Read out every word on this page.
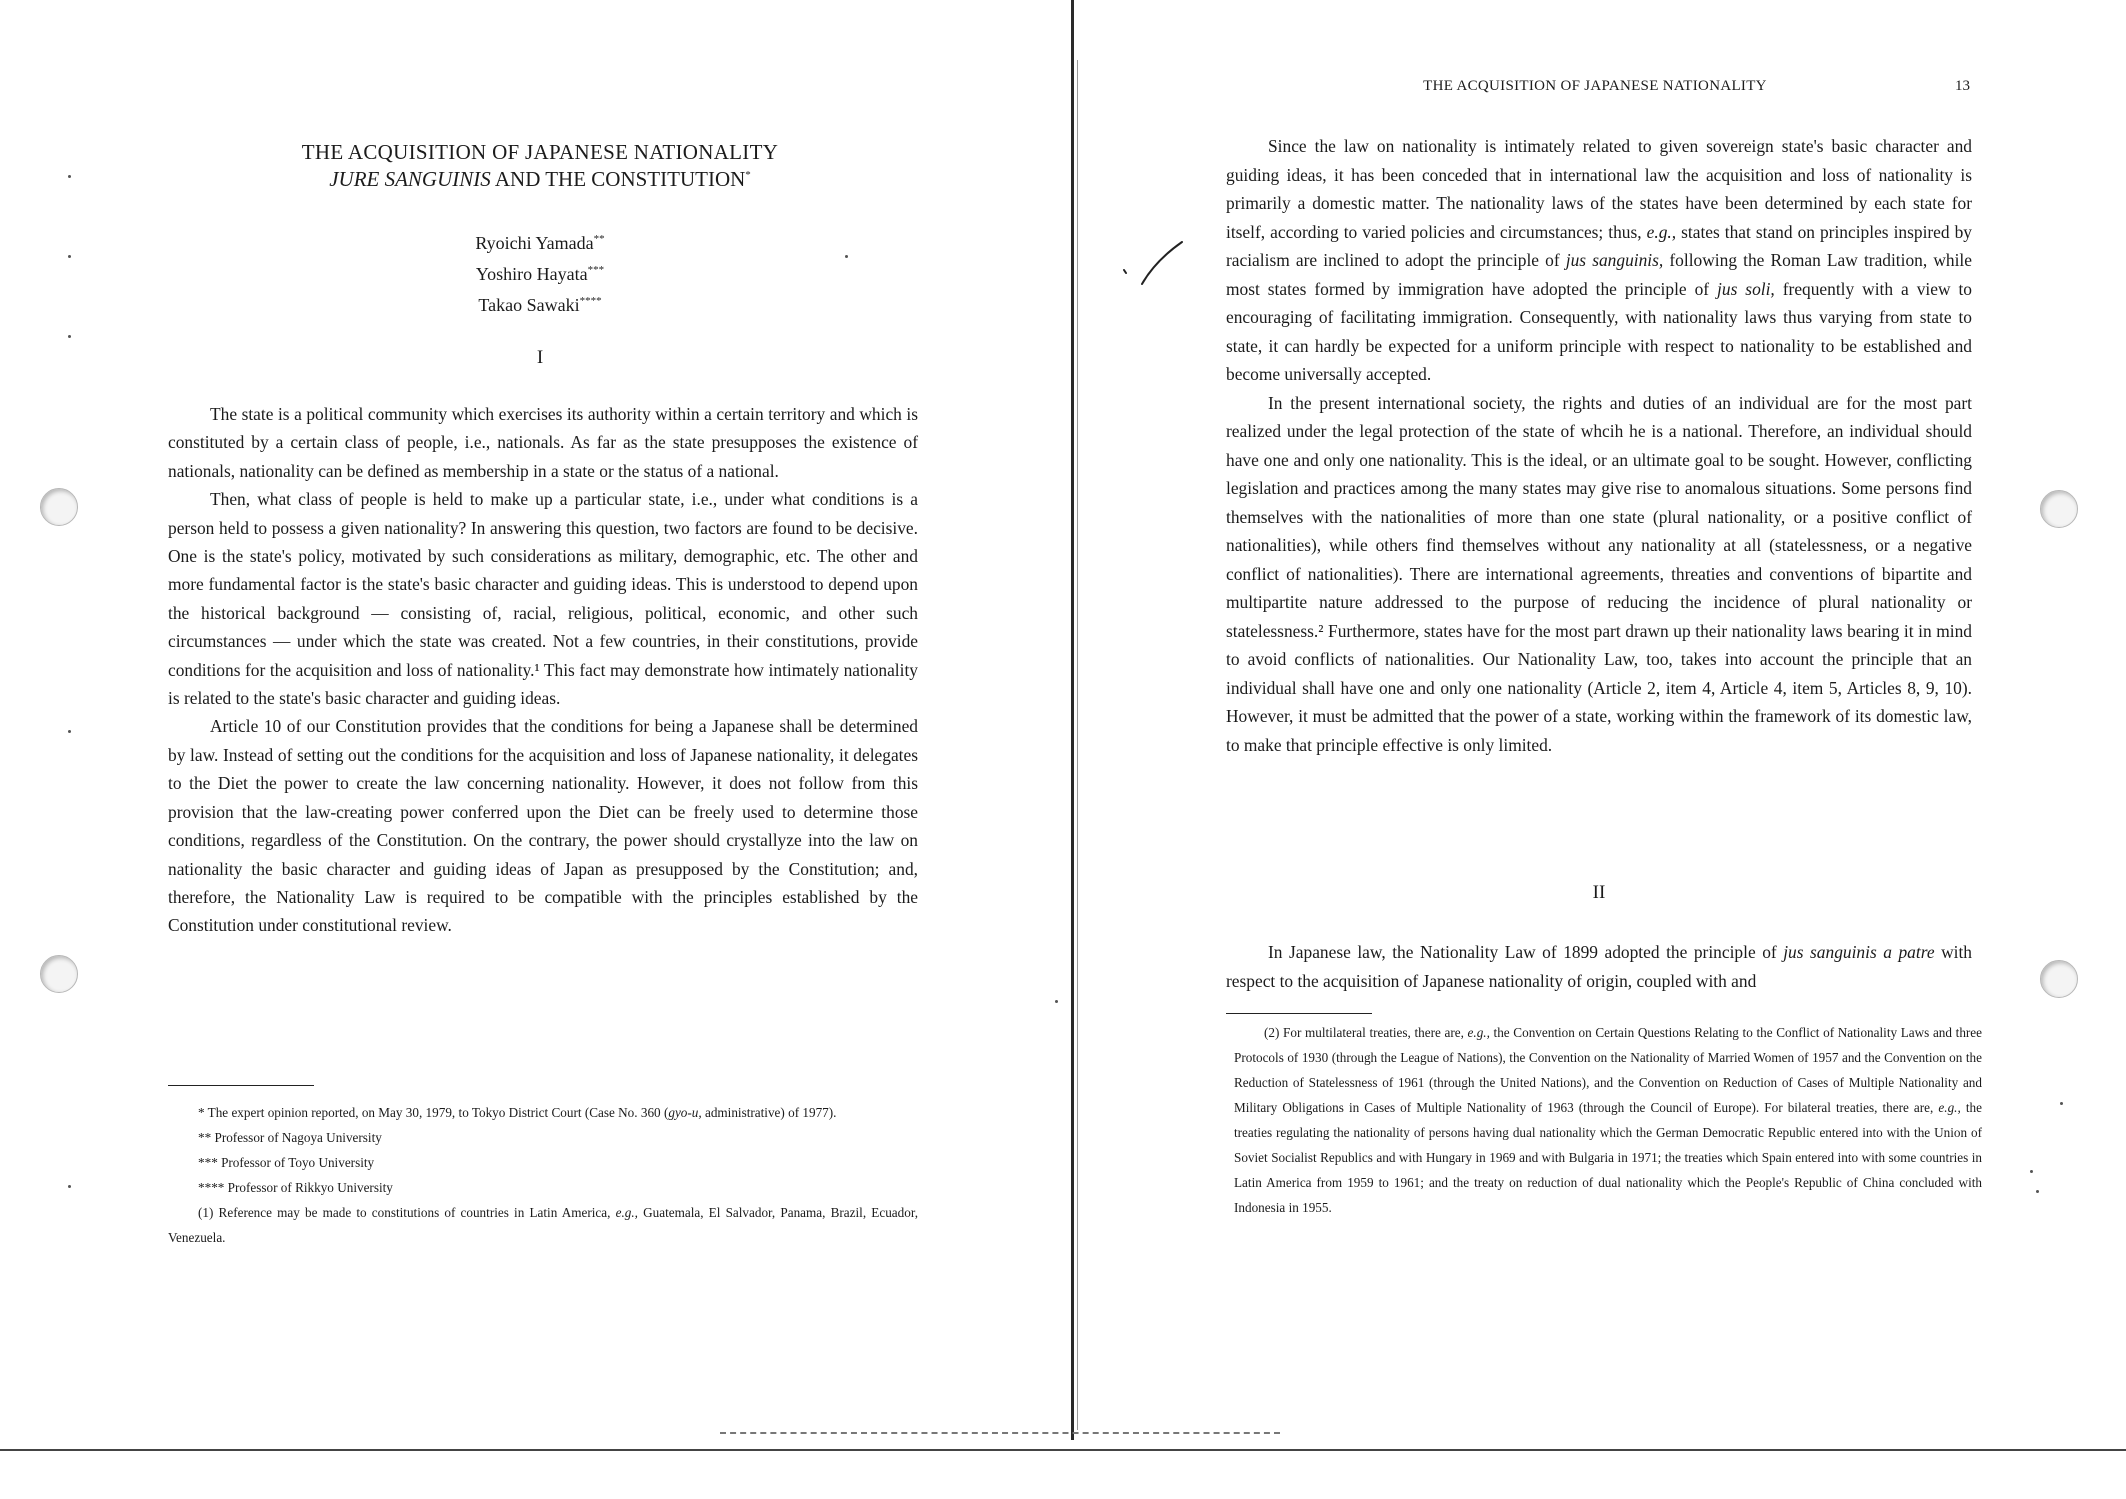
THE ACQUISITION OF JAPANESE NATIONALITY
JURE SANGUINIS AND THE CONSTITUTION*
Ryoichi Yamada**
Yoshiro Hayata***
Takao Sawaki****
I

The state is a political community which exercises its authority within a certain territory and which is constituted by a certain class of people, i.e., nationals. As far as the state presupposes the existence of nationals, nationality can be defined as membership in a state or the status of a national.

Then, what class of people is held to make up a particular state, i.e., under what conditions is a person held to possess a given nationality? In answering this question, two factors are found to be decisive. One is the state's policy, motivated by such considerations as military, demographic, etc. The other and more fundamental factor is the state's basic character and guiding ideas. This is understood to depend upon the historical background — consisting of, racial, religious, political, economic, and other such circumstances — under which the state was created. Not a few countries, in their constitutions, provide conditions for the acquisition and loss of nationality.¹ This fact may demonstrate how intimately nationality is related to the state's basic character and guiding ideas.

Article 10 of our Constitution provides that the conditions for being a Japanese shall be determined by law. Instead of setting out the conditions for the acquisition and loss of Japanese nationality, it delegates to the Diet the power to create the law concerning nationality. However, it does not follow from this provision that the law-creating power conferred upon the Diet can be freely used to determine those conditions, regardless of the Constitution. On the contrary, the power should crystallyze into the law on nationality the basic character and guiding ideas of Japan as presupposed by the Constitution; and, therefore, the Nationality Law is required to be compatible with the principles established by the Constitution under constitutional review.

* The expert opinion reported, on May 30, 1979, to Tokyo District Court (Case No. 360 (gyo-u, administrative) of 1977).

** Professor of Nagoya University

*** Professor of Toyo University

**** Professor of Rikkyo University

(1) Reference may be made to constitutions of countries in Latin America, e.g., Guatemala, El Salvador, Panama, Brazil, Ecuador, Venezuela.

THE ACQUISITION OF JAPANESE NATIONALITY	13

Since the law on nationality is intimately related to given sovereign state's basic character and guiding ideas, it has been conceded that in international law the acquisition and loss of nationality is primarily a domestic matter. The nationality laws of the states have been determined by each state for itself, according to varied policies and circumstances; thus, e.g., states that stand on principles inspired by racialism are inclined to adopt the principle of jus sanguinis, following the Roman Law tradition, while most states formed by immigration have adopted the principle of jus soli, frequently with a view to encouraging of facilitating immigration. Consequently, with nationality laws thus varying from state to state, it can hardly be expected for a uniform principle with respect to nationality to be established and become universally accepted.

In the present international society, the rights and duties of an individual are for the most part realized under the legal protection of the state of whcih he is a national. Therefore, an individual should have one and only one nationality. This is the ideal, or an ultimate goal to be sought. However, conflicting legislation and practices among the many states may give rise to anomalous situations. Some persons find themselves with the nationalities of more than one state (plural nationality, or a positive conflict of nationalities), while others find themselves without any nationality at all (statelessness, or a negative conflict of nationalities). There are international agreements, threaties and conventions of bipartite and multipartite nature addressed to the purpose of reducing the incidence of plural nationality or statelessness.² Furthermore, states have for the most part drawn up their nationality laws bearing it in mind to avoid conflicts of nationalities. Our Nationality Law, too, takes into account the principle that an individual shall have one and only one nationality (Article 2, item 4, Article 4, item 5, Articles 8, 9, 10). However, it must be admitted that the power of a state, working within the framework of its domestic law, to make that principle effective is only limited.

II

In Japanese law, the Nationality Law of 1899 adopted the principle of jus sanguinis a patre with respect to the acquisition of Japanese nationality of origin, coupled with and

(2) For multilateral treaties, there are, e.g., the Convention on Certain Questions Relating to the Conflict of Nationality Laws and three Protocols of 1930 (through the League of Nations), the Convention on the Nationality of Married Women of 1957 and the Convention on the Reduction of Statelessness of 1961 (through the United Nations), and the Convention on Reduction of Cases of Multiple Nationality and Military Obligations in Cases of Multiple Nationality of 1963 (through the Council of Europe). For bilateral treaties, there are, e.g., the treaties regulating the nationality of persons having dual nationality which the German Democratic Republic entered into with the Union of Soviet Socialist Republics and with Hungary in 1969 and with Bulgaria in 1971; the treaties which Spain entered into with some countries in Latin America from 1959 to 1961; and the treaty on reduction of dual nationality which the People's Republic of China concluded with Indonesia in 1955.
